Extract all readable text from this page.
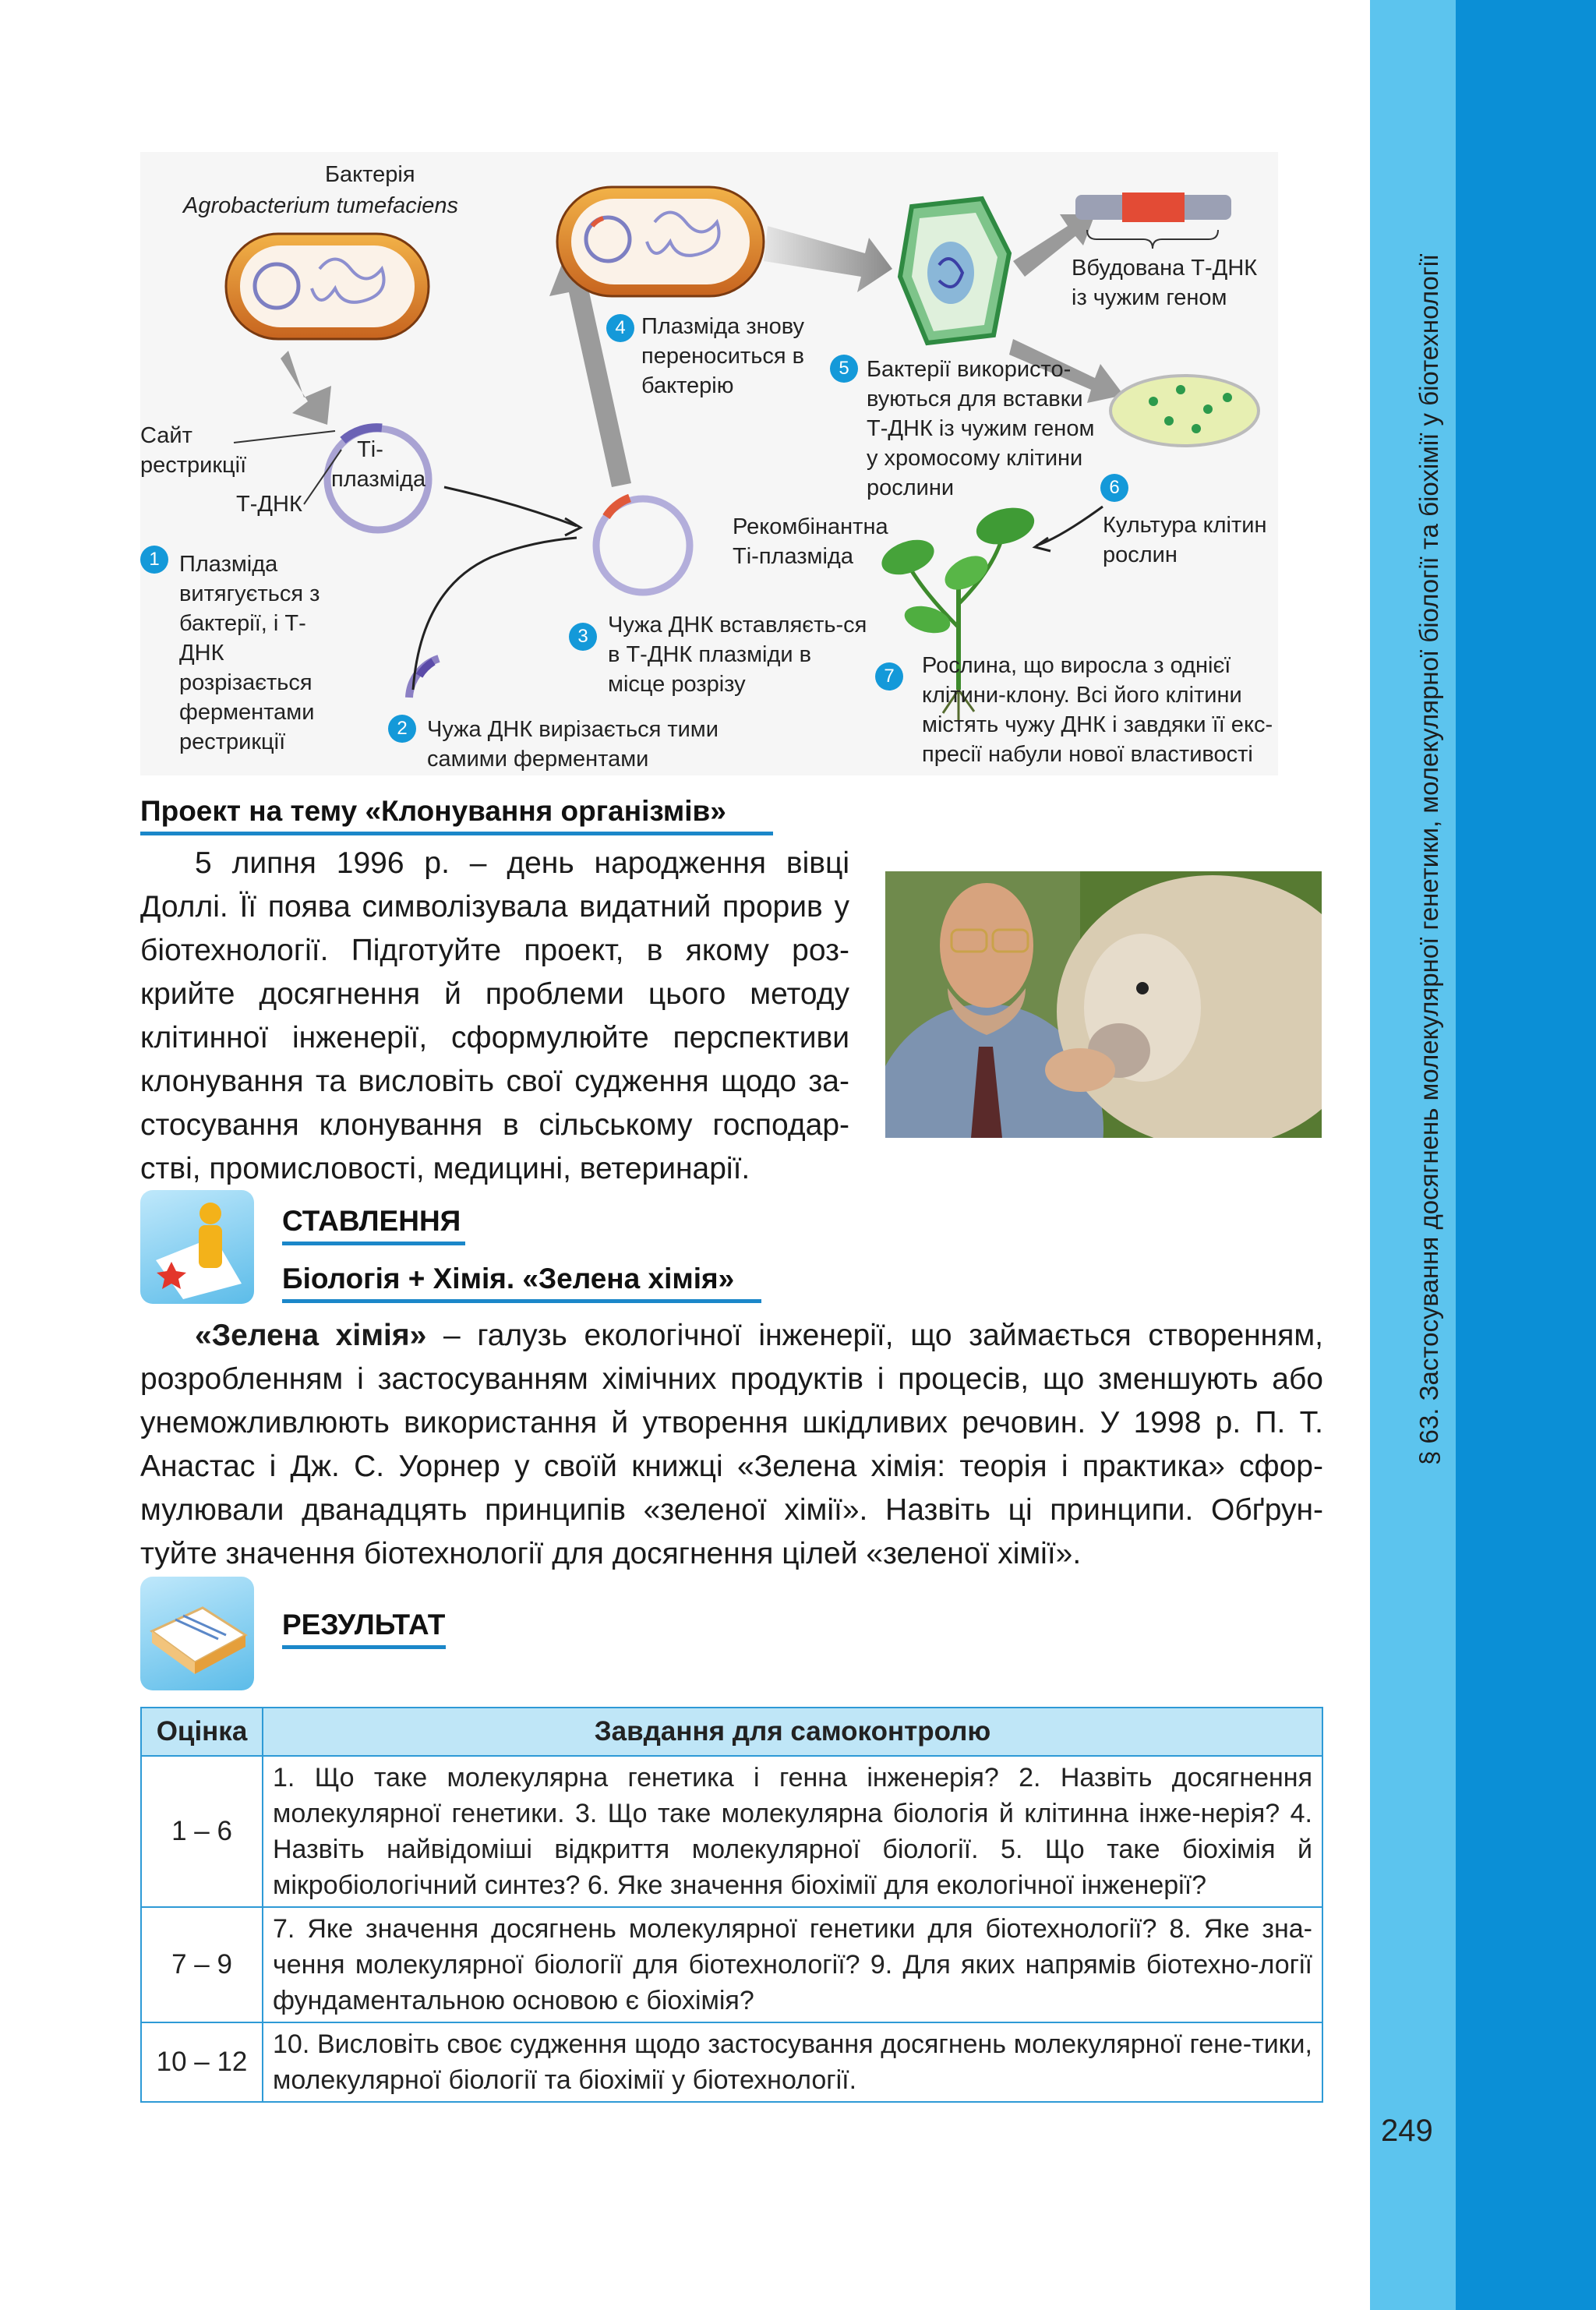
§ 63. Застосування досягнень молекулярної генетики, молекулярної біології та біохімії у біотехнології
249
Бактерія
Agrobacterium tumefaciens
Сайт рестрикції
Т-ДНК
Ті-плазміда
1 Плазміда витягується з бактерії, і Т-ДНК розрізається ферментами рестрикції
2 Чужа ДНК вирізається тими самими ферментами
3 Чужа ДНК вставляєть-ся в Т-ДНК плазміди в місце розрізу
Рекомбінантна Ті-плазміда
4 Плазміда знову переноситься в бактерію
5 Бактерії використо-вуються для вставки Т-ДНК із чужим геном у хромосому клітини рослини
Вбудована Т-ДНК із чужим геном
6
Культура клітин рослин
7	Рослина, що виросла з однієї клітини-клону. Всі його клітини містять чужу ДНК і завдяки її екс-пресії набули нової властивості
Проект на тему «Клонування організмів»
5 липня 1996 р. – день народження вівці Доллі. Її поява символізувала видатний прорив у біотехнології. Підготуйте проект, в якому роз-крийте досягнення й проблеми цього методу клітинної інженерії, сформулюйте перспективи клонування та висловіть свої судження щодо за-стосування клонування в сільському господар-стві, промисловості, медицині, ветеринарії.
СТАВЛЕННЯ
Біологія + Хімія. «Зелена хімія»
«Зелена хімія» – галузь екологічної інженерії, що займається створенням, розробленням і застосуванням хімічних продуктів і процесів, що зменшують або унеможливлюють використання й утворення шкідливих речовин. У 1998 р. П. Т. Анастас і Дж. С. Уорнер у своїй книжці «Зелена хімія: теорія і практика» сфор-мулювали дванадцять принципів «зеленої хімії». Назвіть ці принципи. Обґрун-туйте значення біотехнології для досягнення цілей «зеленої хімії».
РЕЗУЛЬТАТ
Оцінка	Завдання для самоконтролю
1 – 6	1. Що таке молекулярна генетика і генна інженерія? 2. Назвіть досягнення молекулярної генетики. 3. Що таке молекулярна біологія й клітинна інже-нерія? 4. Назвіть найвідоміші відкриття молекулярної біології. 5. Що таке біохімія й мікробіологічний синтез? 6. Яке значення біохімії для екологічної інженерії?
7 – 9	7. Яке значення досягнень молекулярної генетики для біотехнології? 8. Яке зна-чення молекулярної біології для біотехнології? 9. Для яких напрямів біотехно-логії фундаментальною основою є біохімія?
10 – 12	10. Висловіть своє судження щодо застосування досягнень молекулярної гене-тики, молекулярної біології та біохімії у біотехнології.
